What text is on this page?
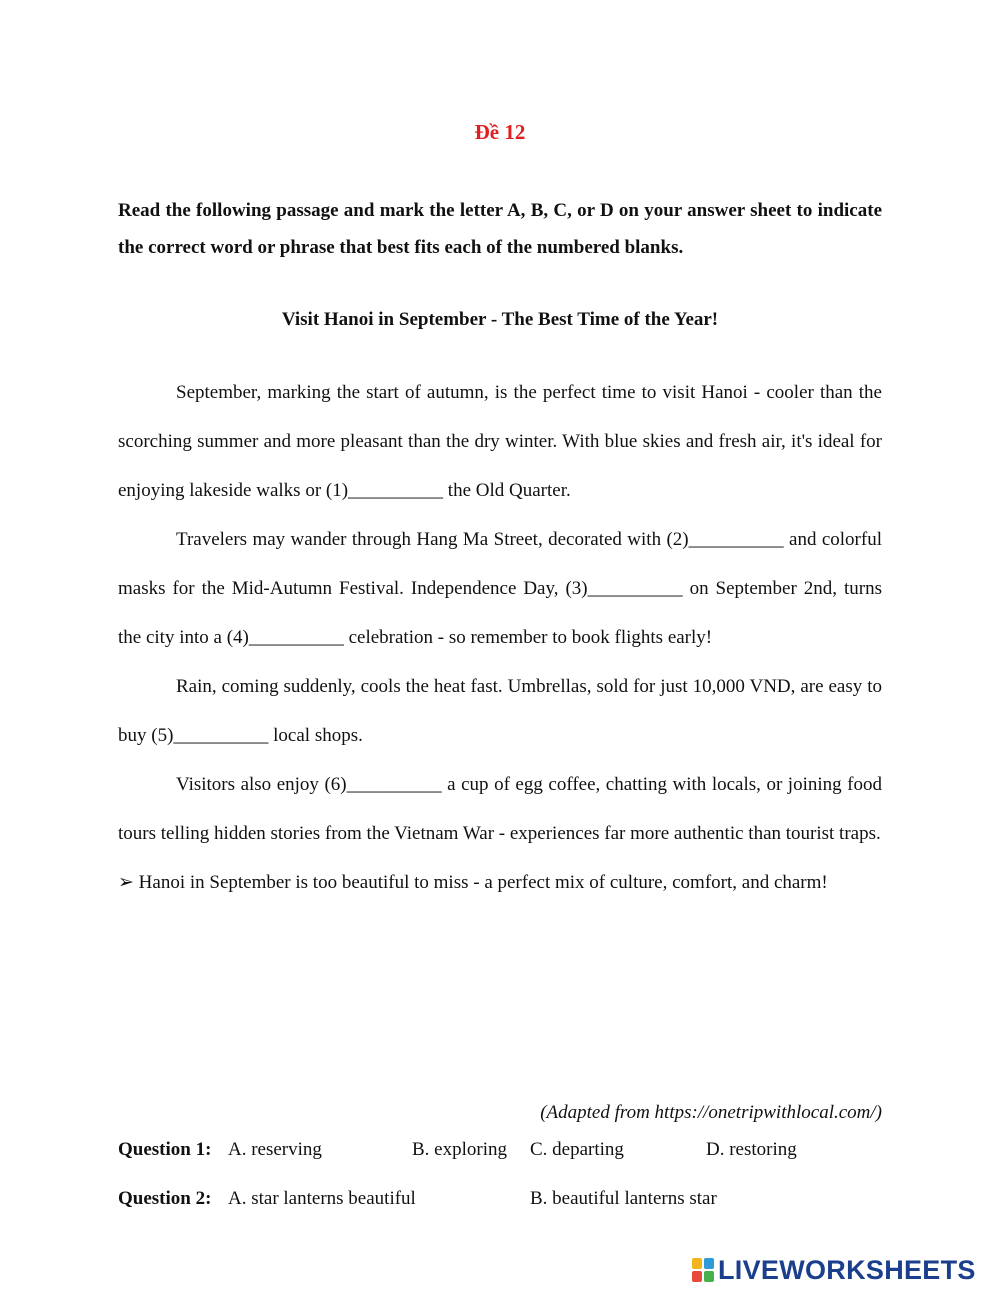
Đề 12
Read the following passage and mark the letter A, B, C, or D on your answer sheet to indicate the correct word or phrase that best fits each of the numbered blanks.
Visit Hanoi in September - The Best Time of the Year!

September, marking the start of autumn, is the perfect time to visit Hanoi - cooler than the scorching summer and more pleasant than the dry winter. With blue skies and fresh air, it's ideal for enjoying lakeside walks or (1)__________ the Old Quarter.

Travelers may wander through Hang Ma Street, decorated with (2)__________ and colorful masks for the Mid-Autumn Festival. Independence Day, (3)__________ on September 2nd, turns the city into a (4)__________ celebration - so remember to book flights early!

Rain, coming suddenly, cools the heat fast. Umbrellas, sold for just 10,000 VND, are easy to buy (5)__________ local shops.

Visitors also enjoy (6)__________ a cup of egg coffee, chatting with locals, or joining food tours telling hidden stories from the Vietnam War - experiences far more authentic than tourist traps.

➢ Hanoi in September is too beautiful to miss - a perfect mix of culture, comfort, and charm!

(Adapted from https://onetripwithlocal.com/)
Question 1: A. reserving	B. exploring C. departing	D. restoring
Question 2: A. star lanterns beautiful	B. beautiful lanterns star
LIVEWORKSHEETS
